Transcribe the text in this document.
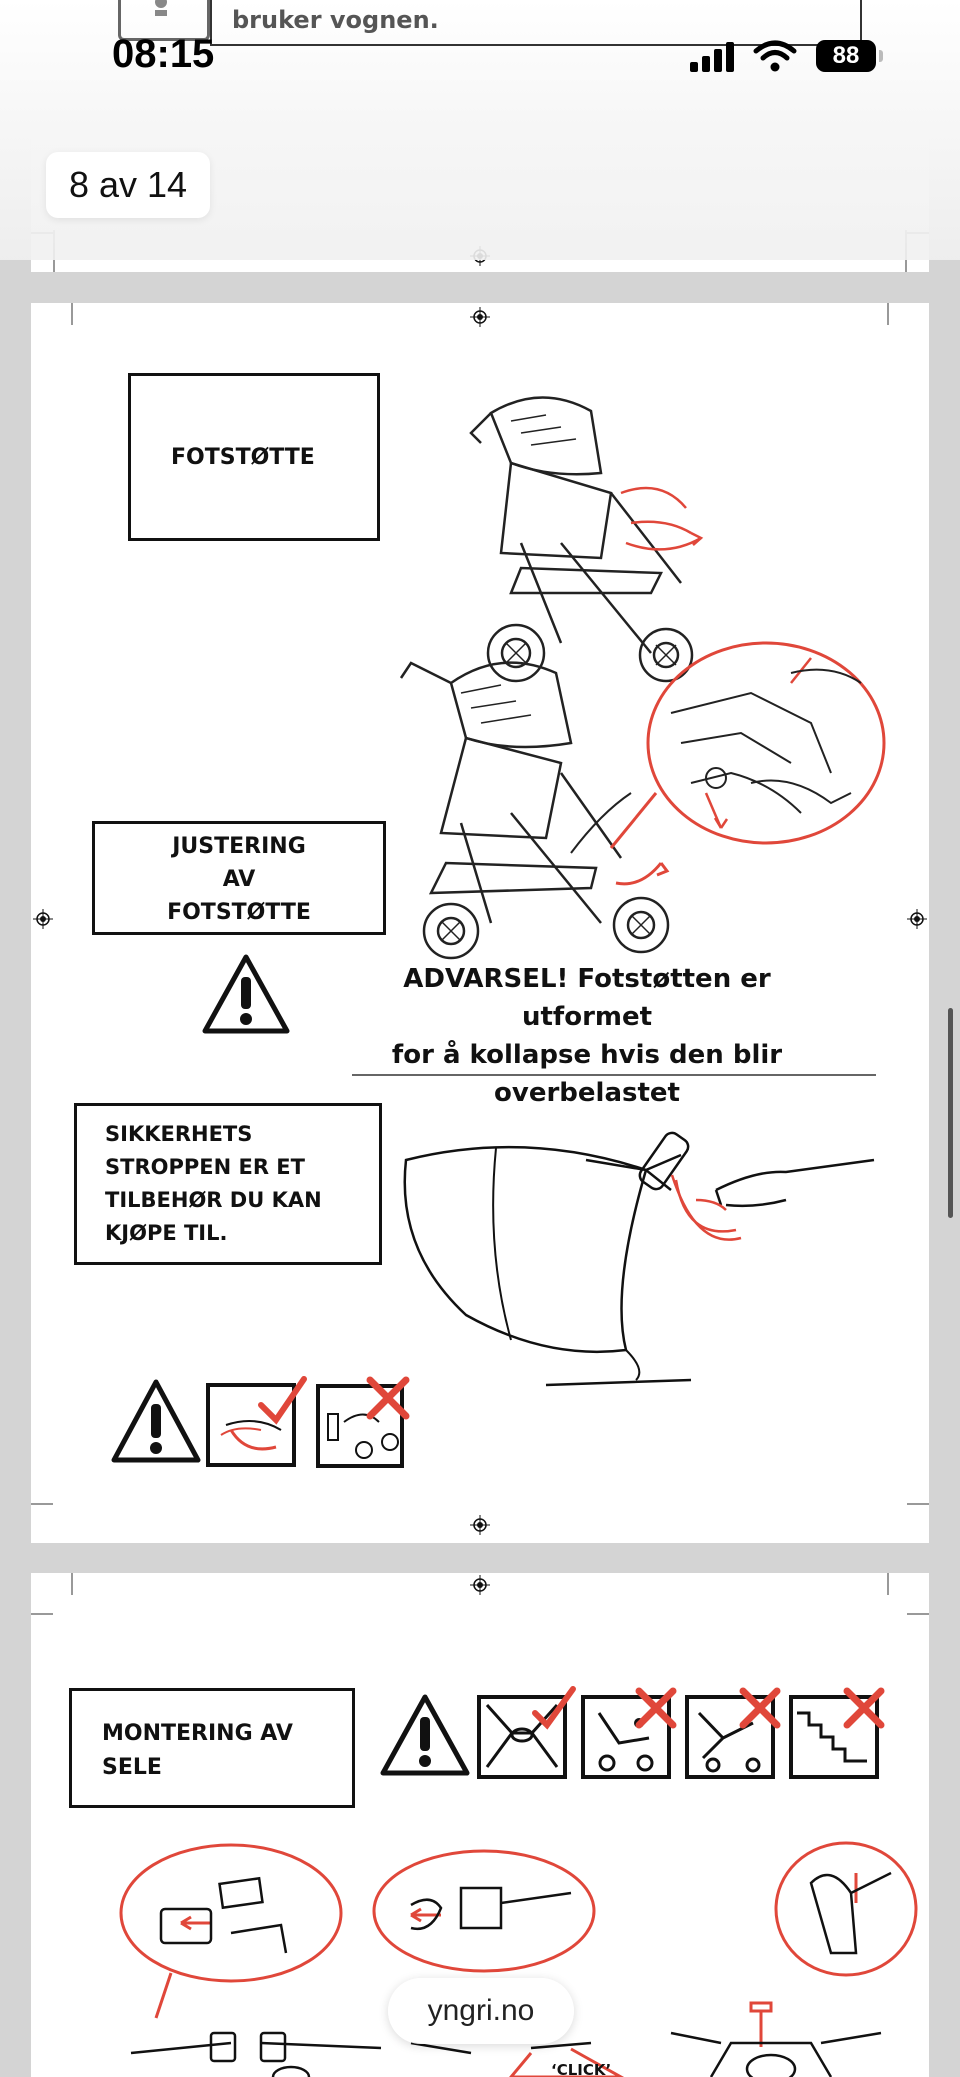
bruker vognen.
08:15	88
8 av 14
FOTSTØTTE
JUSTERING
AV
FOTSTØTTE
ADVARSEL! Fotstøtten er utformet
for å kollapse hvis den blir
overbelastet
SIKKERHETS
STROPPEN ER ET
TILBEHØR DU KAN
KJØPE TIL.
MONTERING AV
SELE
‘CLICK’
yngri.no
